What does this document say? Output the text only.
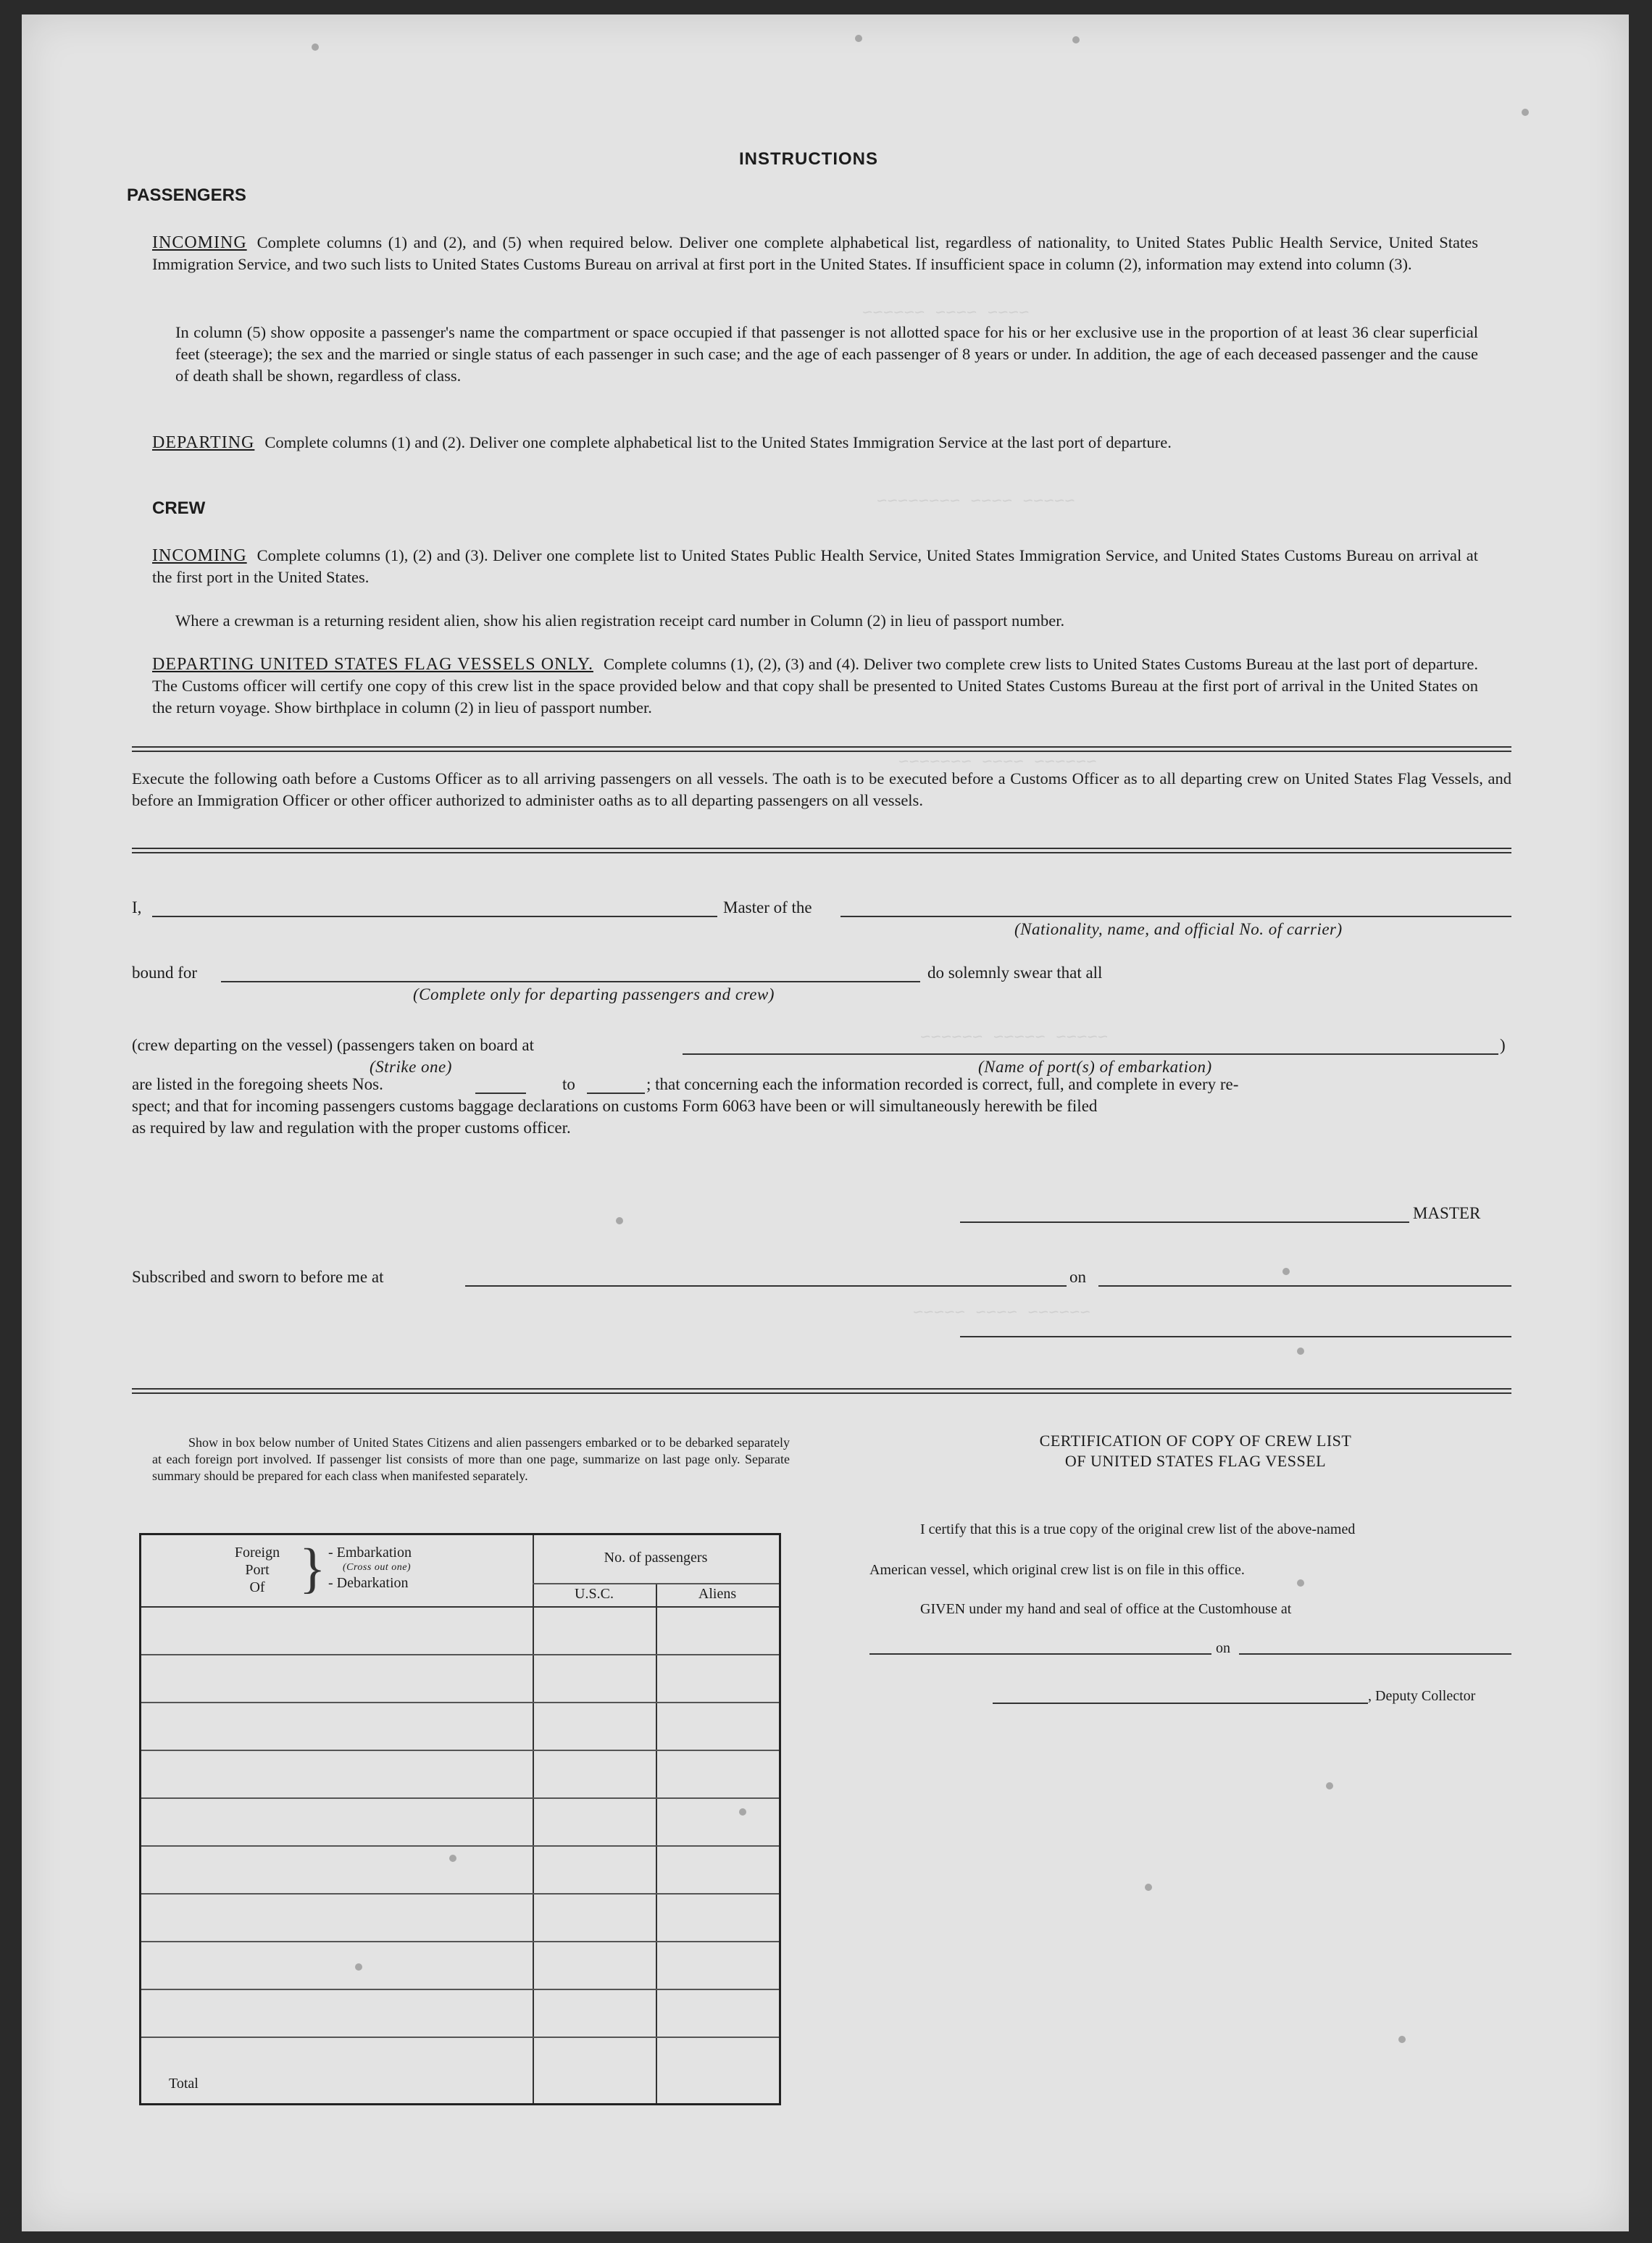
~~~~ ~~~~ ~~~~~~
~~~~~ ~~~~ ~~~~~~~~
~~~~~~ ~~~~ ~~~~~~~
~~~~~ ~~~~~ ~~~~~~
~~~~~~ ~~~~ ~~~~~
INSTRUCTIONS
PASSENGERS
INCOMING Complete columns (1) and (2), and (5) when required below. Deliver one complete alphabetical list, regardless of nationality, to United States Public Health Service, United States Immigration Service, and two such lists to United States Customs Bureau on arrival at first port in the United States. If insufficient space in column (2), information may extend into column (3).
In column (5) show opposite a passenger's name the compartment or space occupied if that passenger is not allotted space for his or her exclusive use in the proportion of at least 36 clear superficial feet (steerage); the sex and the married or single status of each passenger in such case; and the age of each passenger of 8 years or under. In addition, the age of each deceased passenger and the cause of death shall be shown, regardless of class.
DEPARTING Complete columns (1) and (2). Deliver one complete alphabetical list to the United States Immigration Service at the last port of departure.
CREW
INCOMING Complete columns (1), (2) and (3). Deliver one complete list to United States Public Health Service, United States Immigration Service, and United States Customs Bureau on arrival at the first port in the United States.
Where a crewman is a returning resident alien, show his alien registration receipt card number in Column (2) in lieu of passport number.
DEPARTING UNITED STATES FLAG VESSELS ONLY. Complete columns (1), (2), (3) and (4). Deliver two complete crew lists to United States Customs Bureau at the last port of departure. The Customs officer will certify one copy of this crew list in the space provided below and that copy shall be presented to United States Customs Bureau at the first port of arrival in the United States on the return voyage. Show birthplace in column (2) in lieu of passport number.
Execute the following oath before a Customs Officer as to all arriving passengers on all vessels. The oath is to be executed before a Customs Officer as to all departing crew on United States Flag Vessels, and before an Immigration Officer or other officer authorized to administer oaths as to all departing passengers on all vessels.
I,	Master of the
(Nationality, name, and official No. of carrier)
bound for
(Complete only for departing passengers and crew)
do solemnly swear that all
(crew departing on the vessel) (passengers taken on board at	)
(Strike one)	(Name of port(s) of embarkation)
are listed in the foregoing sheets Nos.	to	; that concerning each the information recorded is correct, full, and complete in every re-
spect; and that for incoming passengers customs baggage declarations on customs Form 6063 have been or will simultaneously herewith be filed
as required by law and regulation with the proper customs officer.
MASTER
Subscribed and sworn to before me at	on
Show in box below number of United States Citizens and alien passengers embarked or to be debarked separately at each foreign port involved. If passenger list consists of more than one page, summarize on last page only. Separate summary should be prepared for each class when manifested separately.
Foreign
Port
Of } - Embarkation
(Cross out one)
- Debarkation
No. of passengers
U.S.C.	Aliens
Total
CERTIFICATION OF COPY OF CREW LIST
OF UNITED STATES FLAG VESSEL
I certify that this is a true copy of the original crew list of the above-named
American vessel, which original crew list is on file in this office.
GIVEN under my hand and seal of office at the Customhouse at
on
, Deputy Collector
